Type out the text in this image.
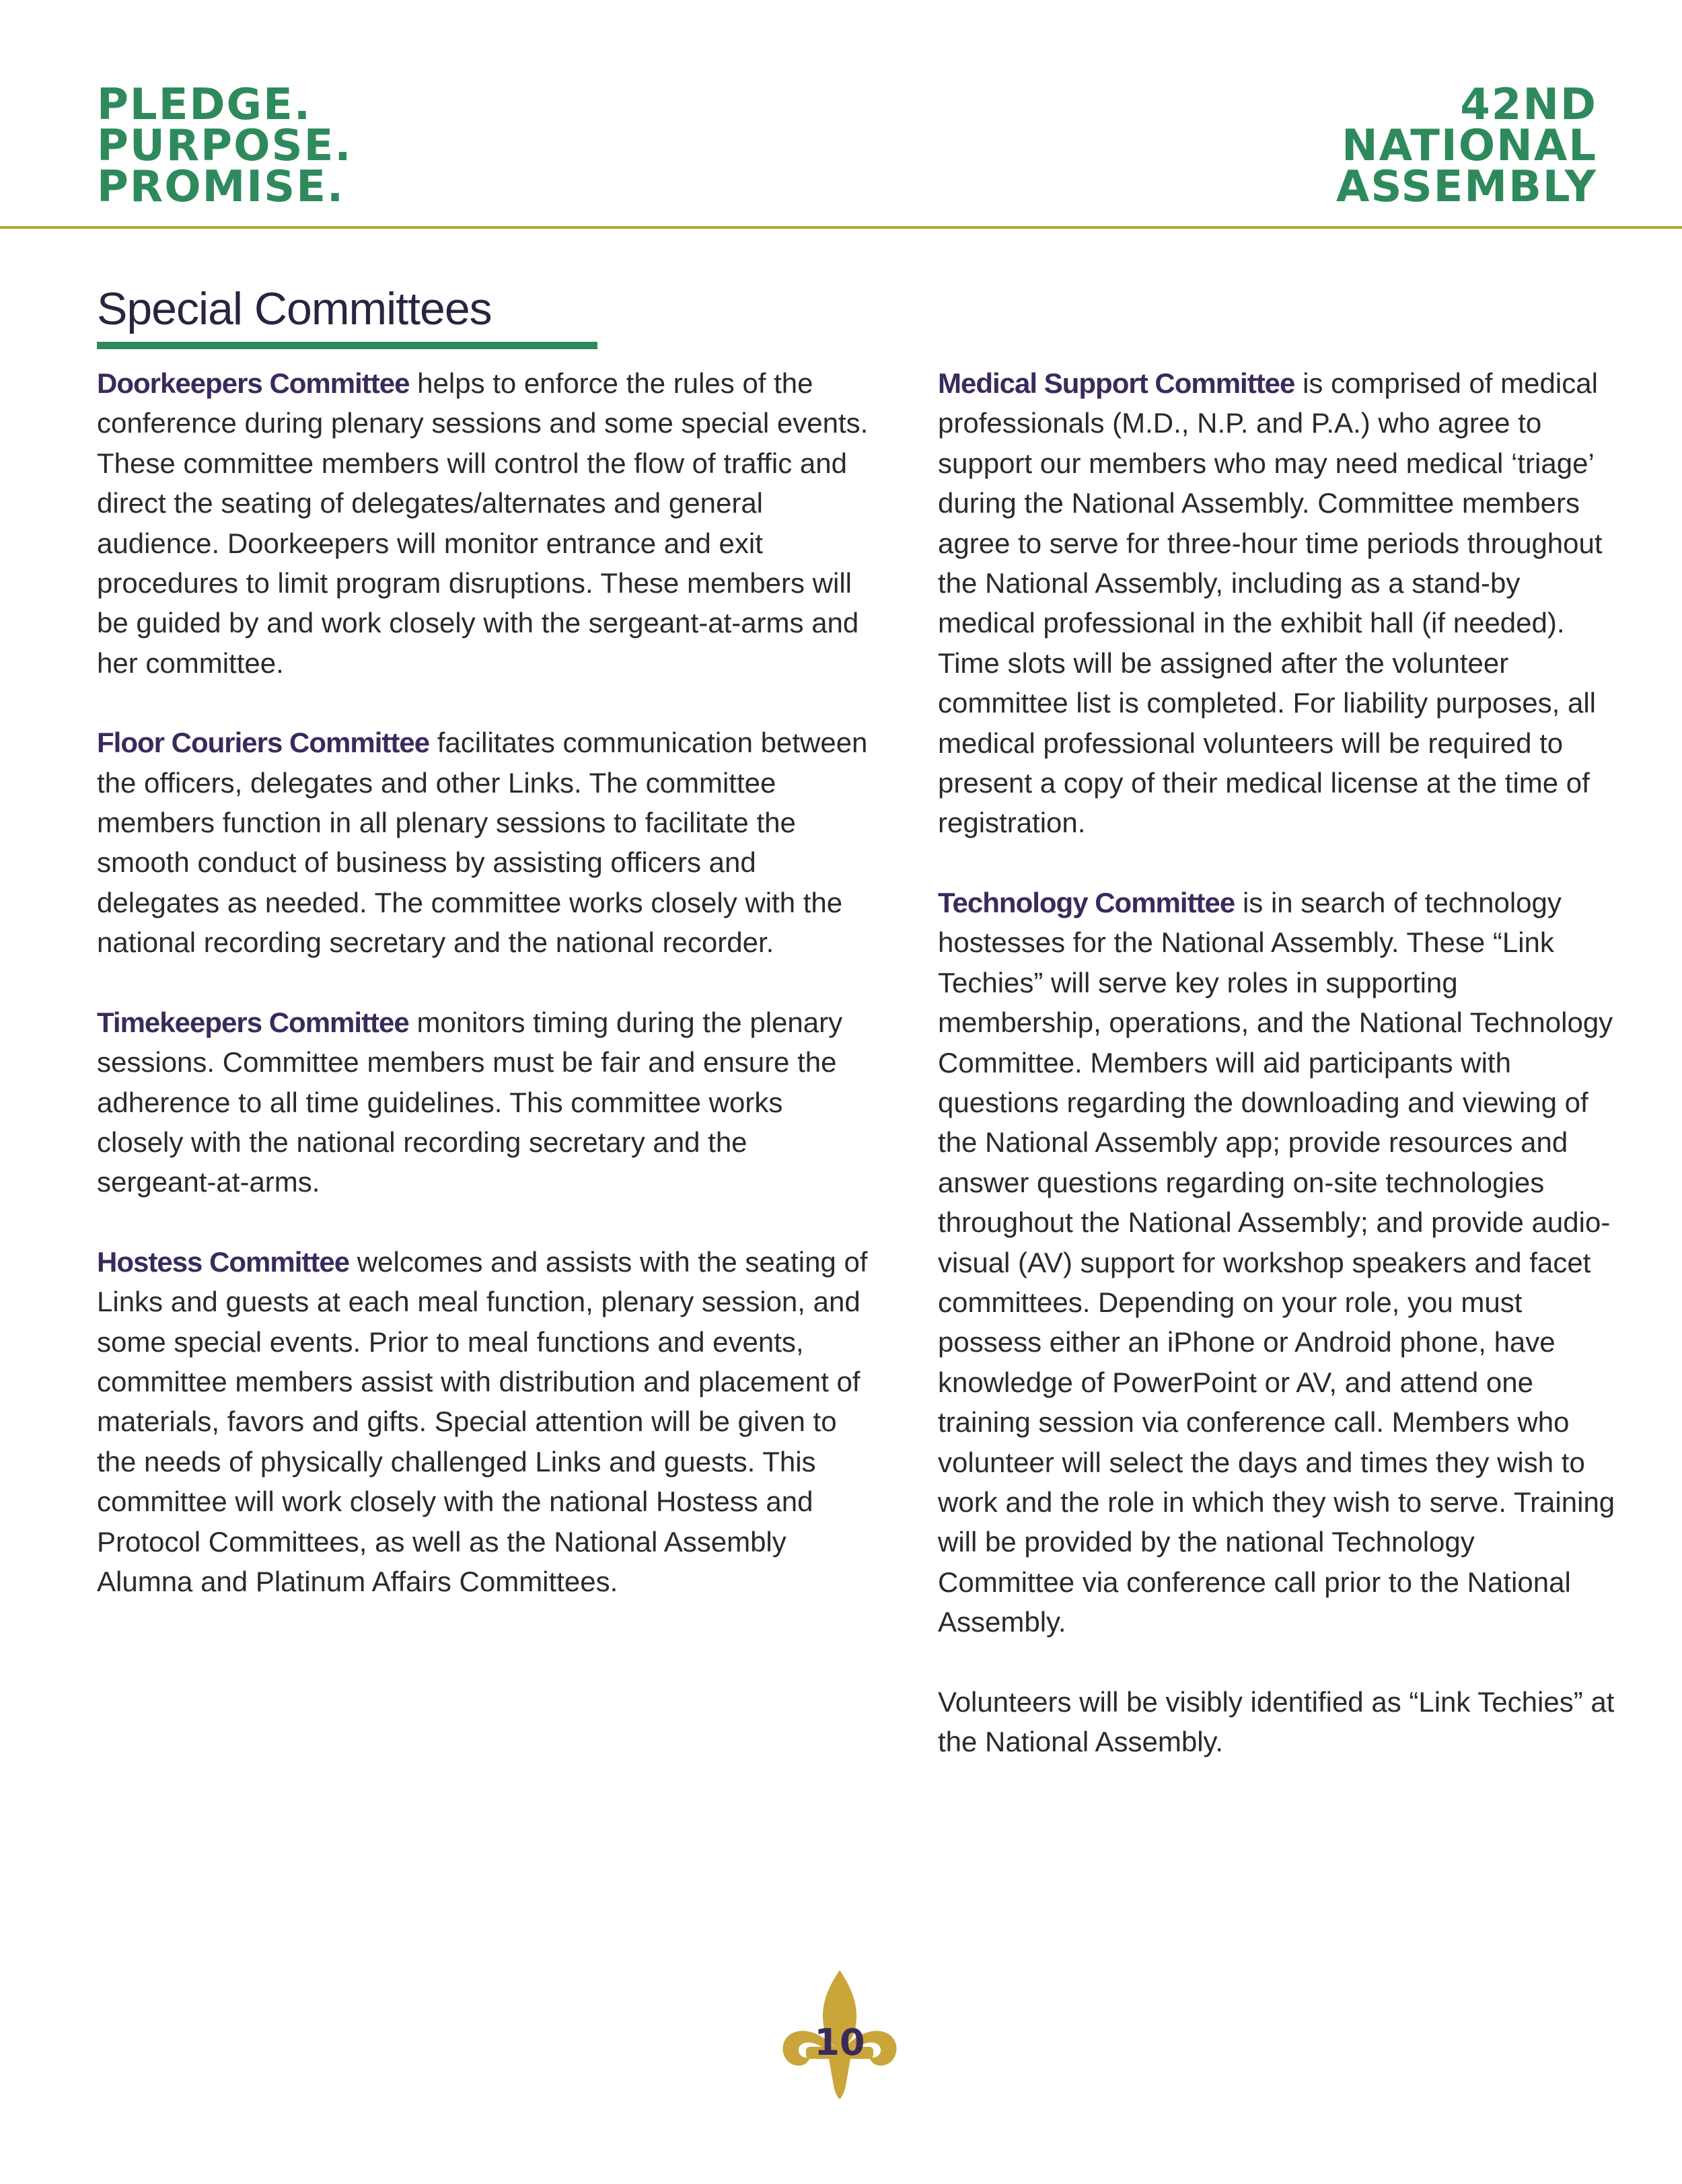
PLEDGE.
PURPOSE.
PROMISE.
42ND
NATIONAL
ASSEMBLY
Special Committees

Doorkeepers Committee helps to enforce the rules of the conference during plenary sessions and some special events. These committee members will control the flow of traffic and direct the seating of delegates/alternates and general audience. Doorkeepers will monitor entrance and exit procedures to limit program disruptions. These members will be guided by and work closely with the sergeant-at-arms and her committee.

Floor Couriers Committee facilitates communication between the officers, delegates and other Links. The committee members function in all plenary sessions to facilitate the smooth conduct of business by assisting officers and delegates as needed. The committee works closely with the national recording secretary and the national recorder.

Timekeepers Committee monitors timing during the plenary sessions. Committee members must be fair and ensure the adherence to all time guidelines. This committee works closely with the national recording secretary and the sergeant-at-arms.

Hostess Committee welcomes and assists with the seating of Links and guests at each meal function, plenary session, and some special events. Prior to meal functions and events, committee members assist with distribution and placement of materials, favors and gifts. Special attention will be given to the needs of physically challenged Links and guests. This committee will work closely with the national Hostess and Protocol Committees, as well as the National Assembly Alumna and Platinum Affairs Committees.

Medical Support Committee is comprised of medical professionals (M.D., N.P. and P.A.) who agree to support our members who may need medical ‘triage’ during the National Assembly. Committee members agree to serve for three-hour time periods throughout the National Assembly, including as a stand-by medical professional in the exhibit hall (if needed). Time slots will be assigned after the volunteer committee list is completed. For liability purposes, all medical professional volunteers will be required to present a copy of their medical license at the time of registration.

Technology Committee is in search of technology hostesses for the National Assembly. These “Link Techies” will serve key roles in supporting membership, operations, and the National Technology Committee. Members will aid participants with questions regarding the downloading and viewing of the National Assembly app; provide resources and answer questions regarding on-site technologies throughout the National Assembly; and provide audio-visual (AV) support for workshop speakers and facet committees. Depending on your role, you must possess either an iPhone or Android phone, have knowledge of PowerPoint or AV, and attend one training session via conference call. Members who volunteer will select the days and times they wish to work and the role in which they wish to serve. Training will be provided by the national Technology Committee via conference call prior to the National Assembly.

Volunteers will be visibly identified as “Link Techies” at the National Assembly.

10
